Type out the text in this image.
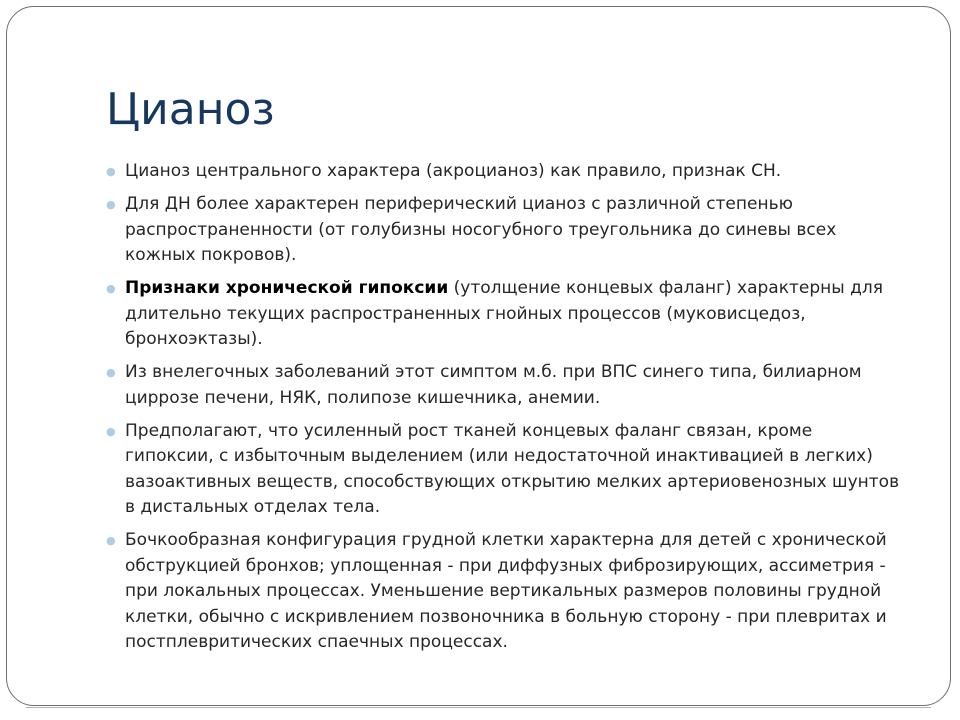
Цианоз
● Цианоз центрального характера (акроцианоз) как правило, признак СН.
● Для ДН более характерен периферический цианоз с различной степенью распространенности (от голубизны носогубного треугольника до синевы всех кожных покровов).
● Признаки хронической гипоксии (утолщение концевых фаланг) характерны для длительно текущих распространенных гнойных процессов (муковисцедоз, бронхоэктазы).
● Из внелегочных заболеваний этот симптом м.б. при ВПС синего типа, билиарном циррозе печени, НЯК, полипозе кишечника, анемии.
● Предполагают, что усиленный рост тканей концевых фаланг связан, кроме гипоксии, с избыточным выделением (или недостаточной инактивацией в легких) вазоактивных веществ, способствующих открытию мелких артериовенозных шунтов в дистальных отделах тела.
● Бочкообразная конфигурация грудной клетки характерна для детей с хронической обструкцией бронхов; уплощенная - при диффузных фиброзирующих, ассиметрия - при локальных процессах. Уменьшение вертикальных размеров половины грудной клетки, обычно с искривлением позвоночника в больную сторону - при плевритах и постплевритических спаечных процессах.
